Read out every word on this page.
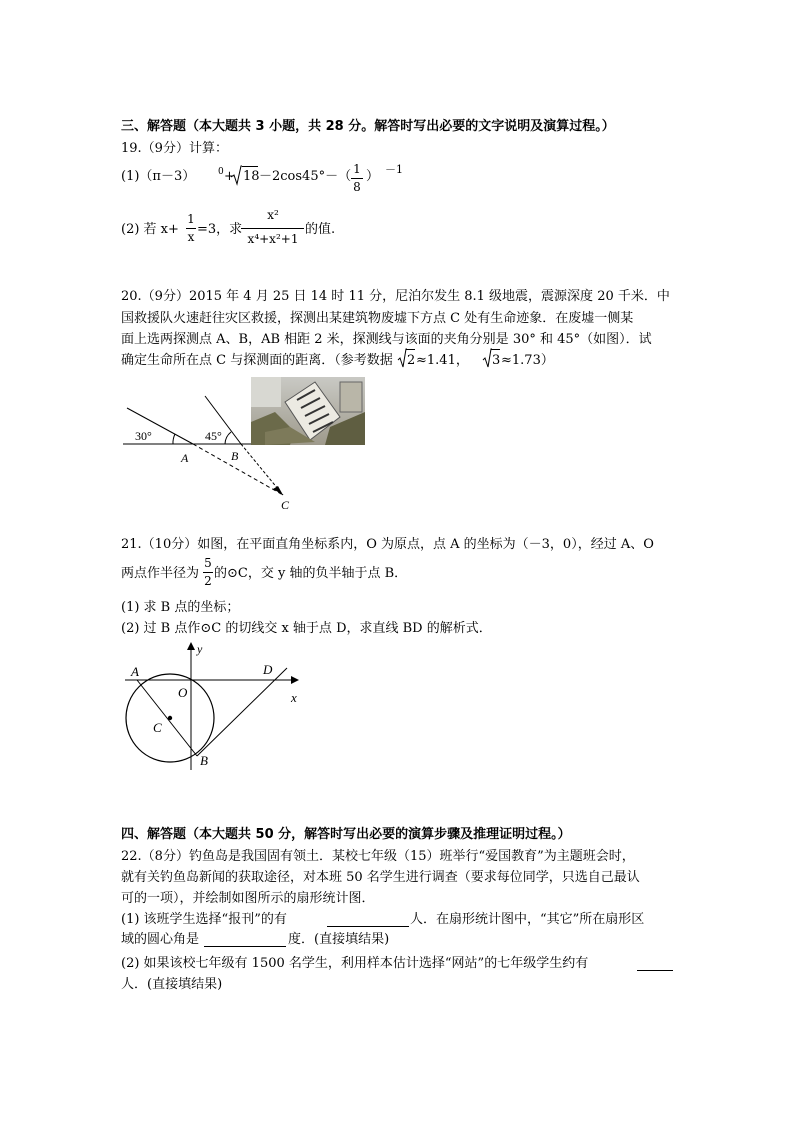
三、解答题（本大题共 3 小题，共 28 分。解答时写出必要的文字说明及演算过程。）
19.（9分）计算：
(1)（π－3）	0 + 18 －2cos45°－（ 1
8
） －1
(2) 若 x+
1
x =3，求
x²
x⁴+x²+1
的值.
20.（9分）2015 年 4 月 25 日 14 时 11 分，尼泊尔发生 8.1 级地震，震源深度 20 千米．中
国救援队火速赶往灾区救援，探测出某建筑物废墟下方点 C 处有生命迹象．在废墟一侧某
面上选两探测点 A、B，AB 相距 2 米，探测线与该面的夹角分别是 30° 和 45°（如图）．试
确定生命所在点 C 与探测面的距离．（参考数据 2 ≈1.41， 3 ≈1.73）
30°	45°
A	B
C
21.（10分）如图，在平面直角坐标系内，O 为原点，点 A 的坐标为（－3，0），经过 A、O
两点作半径为
5
2 的⊙C，交 y 轴的负半轴于点 B．
(1) 求 B 点的坐标；
(2) 过 B 点作⊙C 的切线交 x 轴于点 D，求直线 BD 的解析式．
y
x
A
O
D
C
B
四、解答题（本大题共 50 分，解答时写出必要的演算步骤及推理证明过程。）
22.（8分）钓鱼岛是我国固有领土．某校七年级（15）班举行“爱国教育”为主题班会时，
就有关钓鱼岛新闻的获取途径，对本班 50 名学生进行调查（要求每位同学，只选自己最认
可的一项），并绘制如图所示的扇形统计图．
(1) 该班学生选择“报刊”的有	人．在扇形统计图中，“其它”所在扇形区
域的圆心角是	度．(直接填结果)
(2) 如果该校七年级有 1500 名学生，利用样本估计选择“网站”的七年级学生约有
人．(直接填结果)
